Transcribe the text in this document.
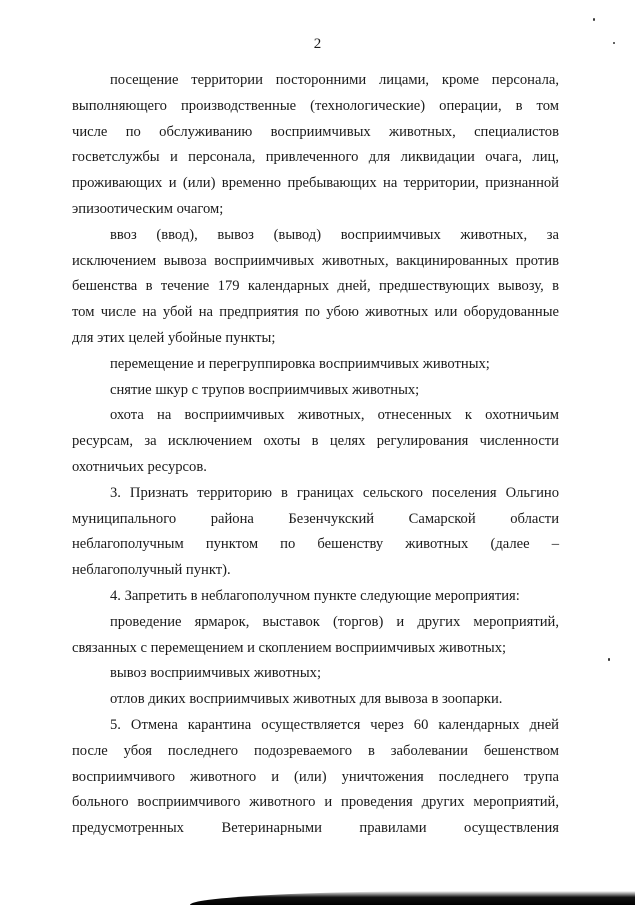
2

посещение территории посторонними лицами, кроме персонала,

выполняющего производственные (технологические) операции, в том

числе по обслуживанию восприимчивых животных, специалистов

госветслужбы и персонала, привлеченного для ликвидации очага, лиц,

проживающих и (или) временно пребывающих на территории, признанной

эпизоотическим очагом;

ввоз (ввод), вывоз (вывод) восприимчивых животных, за

исключением вывоза восприимчивых животных, вакцинированных против

бешенства в течение 179 календарных дней, предшествующих вывозу, в

том числе на убой на предприятия по убою животных или оборудованные

для этих целей убойные пункты;

перемещение и перегруппировка восприимчивых животных;

снятие шкур с трупов восприимчивых животных;

охота на восприимчивых животных, отнесенных к охотничьим

ресурсам, за исключением охоты в целях регулирования численности

охотничьих ресурсов.

3. Признать территорию в границах сельского поселения Ольгино

муниципального района Безенчукский Самарской области

неблагополучным пунктом по бешенству животных (далее –

неблагополучный пункт).

4. Запретить в неблагополучном пункте следующие мероприятия:

проведение ярмарок, выставок (торгов) и других мероприятий,

связанных с перемещением и скоплением восприимчивых животных;

вывоз восприимчивых животных;

отлов диких восприимчивых животных для вывоза в зоопарки.

5. Отмена карантина осуществляется через 60 календарных дней

после убоя последнего подозреваемого в заболевании бешенством

восприимчивого животного и (или) уничтожения последнего трупа

больного восприимчивого животного и проведения других мероприятий,

предусмотренных Ветеринарными правилами осуществления
